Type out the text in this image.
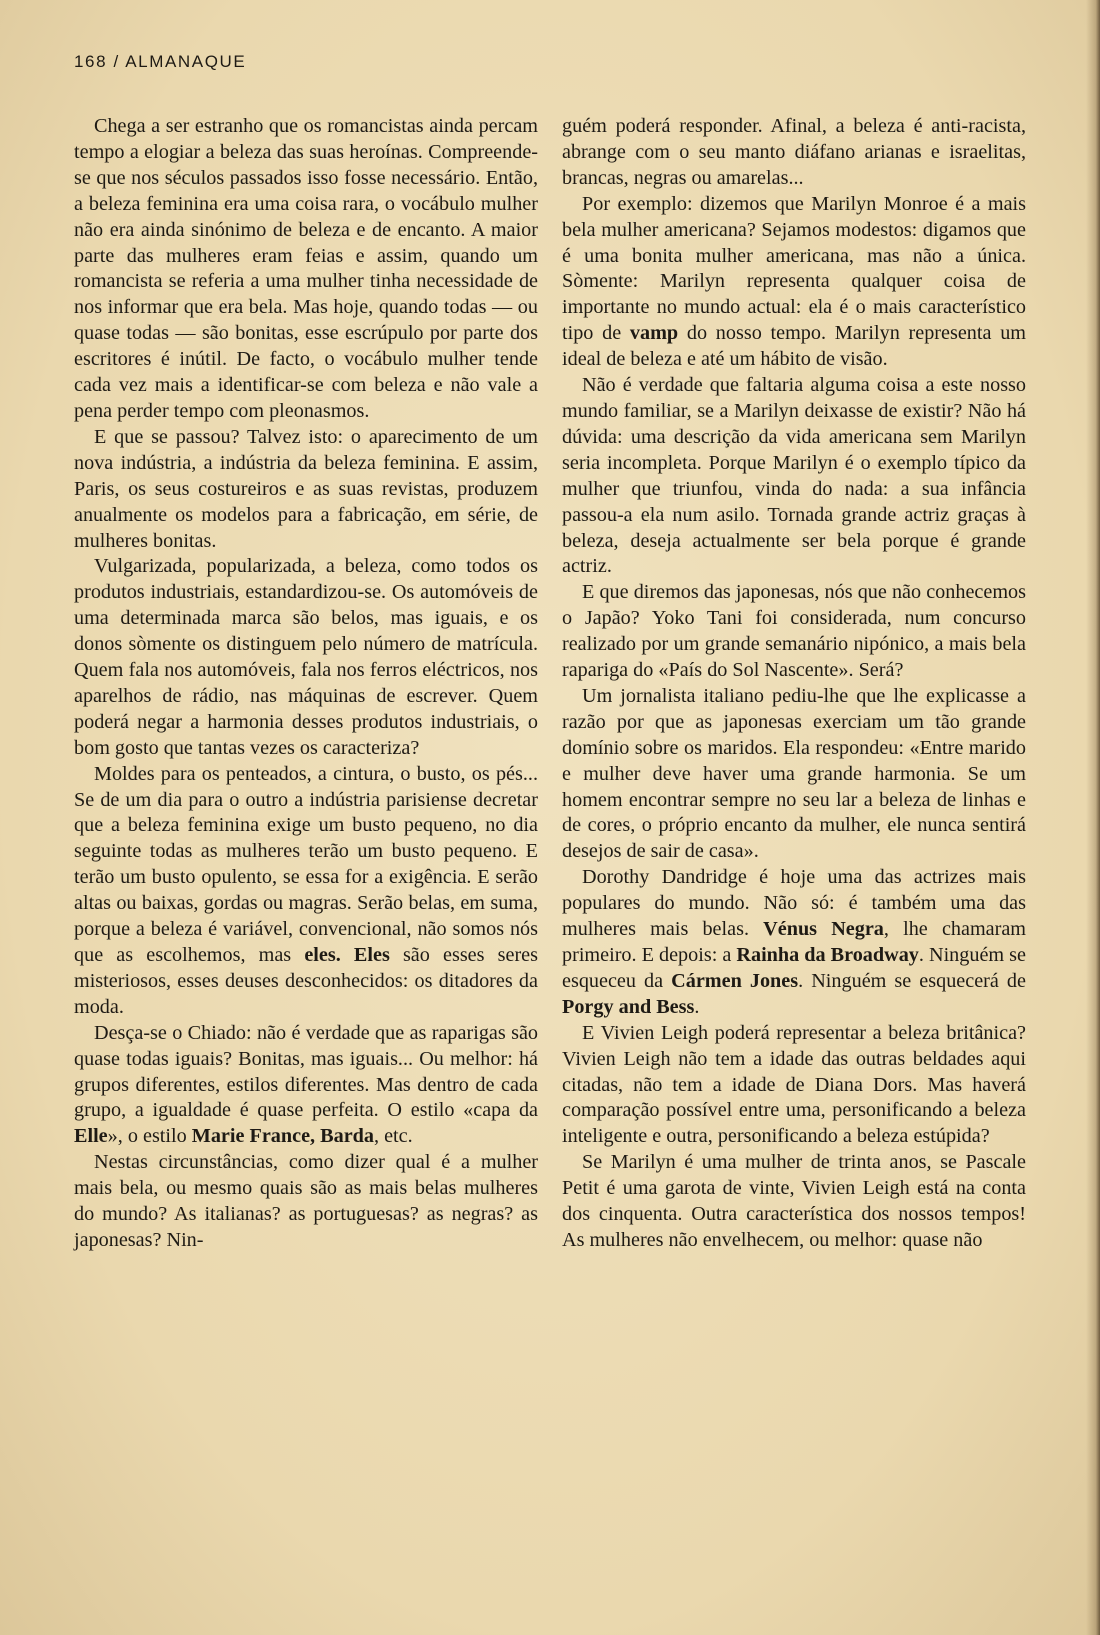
168 / ALMANAQUE

Chega a ser estranho que os romancistas ainda percam tempo a elogiar a beleza das suas heroínas. Compreende-se que nos séculos passados isso fosse necessário. Então, a beleza feminina era uma coisa rara, o vocábulo mulher não era ainda sinónimo de beleza e de encanto. A maior parte das mulheres eram feias e assim, quando um romancista se referia a uma mulher tinha necessidade de nos informar que era bela. Mas hoje, quando todas — ou quase todas — são bonitas, esse escrúpulo por parte dos escritores é inútil. De facto, o vocábulo mulher tende cada vez mais a identificar-se com beleza e não vale a pena perder tempo com pleonasmos.

E que se passou? Talvez isto: o aparecimento de um nova indústria, a indústria da beleza feminina. E assim, Paris, os seus costureiros e as suas revistas, produzem anualmente os modelos para a fabricação, em série, de mulheres bonitas.

Vulgarizada, popularizada, a beleza, como todos os produtos industriais, estandardizou-se. Os automóveis de uma determinada marca são belos, mas iguais, e os donos sòmente os distinguem pelo número de matrícula. Quem fala nos automóveis, fala nos ferros eléctricos, nos aparelhos de rádio, nas máquinas de escrever. Quem poderá negar a harmonia desses produtos industriais, o bom gosto que tantas vezes os caracteriza?

Moldes para os penteados, a cintura, o busto, os pés... Se de um dia para o outro a indústria parisiense decretar que a beleza feminina exige um busto pequeno, no dia seguinte todas as mulheres terão um busto pequeno. E terão um busto opulento, se essa for a exigência. E serão altas ou baixas, gordas ou magras. Serão belas, em suma, porque a beleza é variável, convencional, não somos nós que as escolhemos, mas eles. Eles são esses seres misteriosos, esses deuses desconhecidos: os ditadores da moda.

Desça-se o Chiado: não é verdade que as raparigas são quase todas iguais? Bonitas, mas iguais... Ou melhor: há grupos diferentes, estilos diferentes. Mas dentro de cada grupo, a igualdade é quase perfeita. O estilo «capa da Elle», o estilo Marie France, Barda, etc.

Nestas circunstâncias, como dizer qual é a mulher mais bela, ou mesmo quais são as mais belas mulheres do mundo? As italianas? as portuguesas? as negras? as japonesas? Nin-

guém poderá responder. Afinal, a beleza é anti-racista, abrange com o seu manto diáfano arianas e israelitas, brancas, negras ou amarelas...

Por exemplo: dizemos que Marilyn Monroe é a mais bela mulher americana? Sejamos modestos: digamos que é uma bonita mulher americana, mas não a única. Sòmente: Marilyn representa qualquer coisa de importante no mundo actual: ela é o mais característico tipo de vamp do nosso tempo. Marilyn representa um ideal de beleza e até um hábito de visão.

Não é verdade que faltaria alguma coisa a este nosso mundo familiar, se a Marilyn deixasse de existir? Não há dúvida: uma descrição da vida americana sem Marilyn seria incompleta. Porque Marilyn é o exemplo típico da mulher que triunfou, vinda do nada: a sua infância passou-a ela num asilo. Tornada grande actriz graças à beleza, deseja actualmente ser bela porque é grande actriz.

E que diremos das japonesas, nós que não conhecemos o Japão? Yoko Tani foi considerada, num concurso realizado por um grande semanário nipónico, a mais bela rapariga do «País do Sol Nascente». Será?

Um jornalista italiano pediu-lhe que lhe explicasse a razão por que as japonesas exerciam um tão grande domínio sobre os maridos. Ela respondeu: «Entre marido e mulher deve haver uma grande harmonia. Se um homem encontrar sempre no seu lar a beleza de linhas e de cores, o próprio encanto da mulher, ele nunca sentirá desejos de sair de casa».

Dorothy Dandridge é hoje uma das actrizes mais populares do mundo. Não só: é também uma das mulheres mais belas. Vénus Negra, lhe chamaram primeiro. E depois: a Rainha da Broadway. Ninguém se esqueceu da Cármen Jones. Ninguém se esquecerá de Porgy and Bess.

E Vivien Leigh poderá representar a beleza britânica? Vivien Leigh não tem a idade das outras beldades aqui citadas, não tem a idade de Diana Dors. Mas haverá comparação possível entre uma, personificando a beleza inteligente e outra, personificando a beleza estúpida?

Se Marilyn é uma mulher de trinta anos, se Pascale Petit é uma garota de vinte, Vivien Leigh está na conta dos cinquenta. Outra característica dos nossos tempos! As mulheres não envelhecem, ou melhor: quase não
